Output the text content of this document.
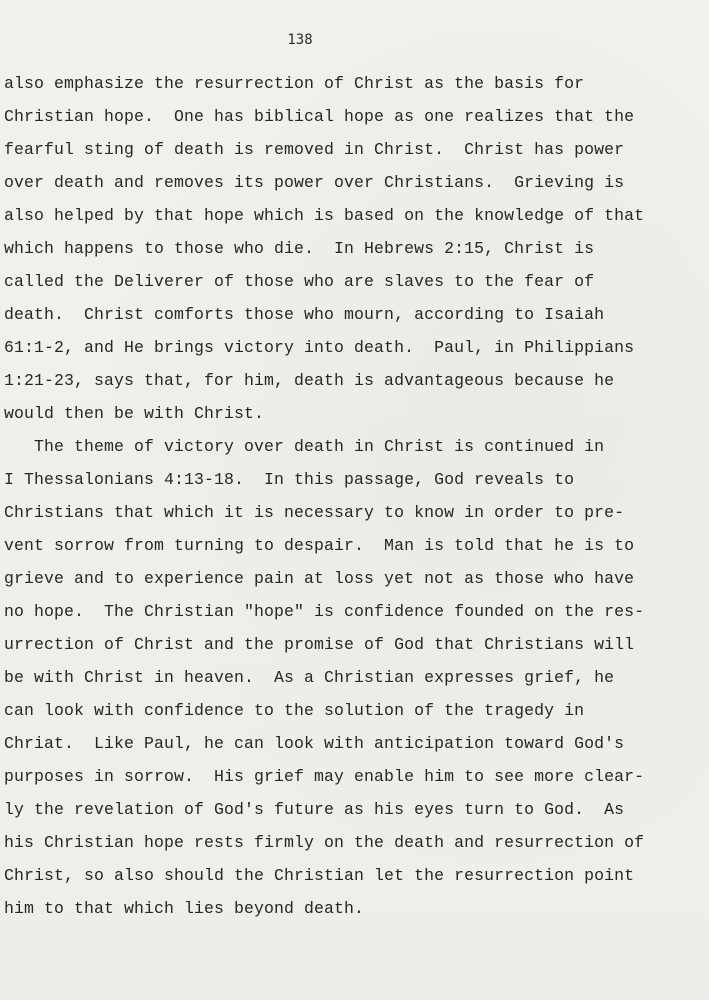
138
also emphasize the resurrection of Christ as the basis for
Christian hope.  One has biblical hope as one realizes that the
fearful sting of death is removed in Christ.  Christ has power
over death and removes its power over Christians.  Grieving is
also helped by that hope which is based on the knowledge of that
which happens to those who die.  In Hebrews 2:15, Christ is
called the Deliverer of those who are slaves to the fear of
death.  Christ comforts those who mourn, according to Isaiah
61:1-2, and He brings victory into death.  Paul, in Philippians
1:21-23, says that, for him, death is advantageous because he
would then be with Christ.
The theme of victory over death in Christ is continued in
I Thessalonians 4:13-18.  In this passage, God reveals to
Christians that which it is necessary to know in order to pre-
vent sorrow from turning to despair.  Man is told that he is to
grieve and to experience pain at loss yet not as those who have
no hope.  The Christian "hope" is confidence founded on the res-
urrection of Christ and the promise of God that Christians will
be with Christ in heaven.  As a Christian expresses grief, he
can look with confidence to the solution of the tragedy in
Chriat.  Like Paul, he can look with anticipation toward God's
purposes in sorrow.  His grief may enable him to see more clear-
ly the revelation of God's future as his eyes turn to God.  As
his Christian hope rests firmly on the death and resurrection of
Christ, so also should the Christian let the resurrection point
him to that which lies beyond death.
